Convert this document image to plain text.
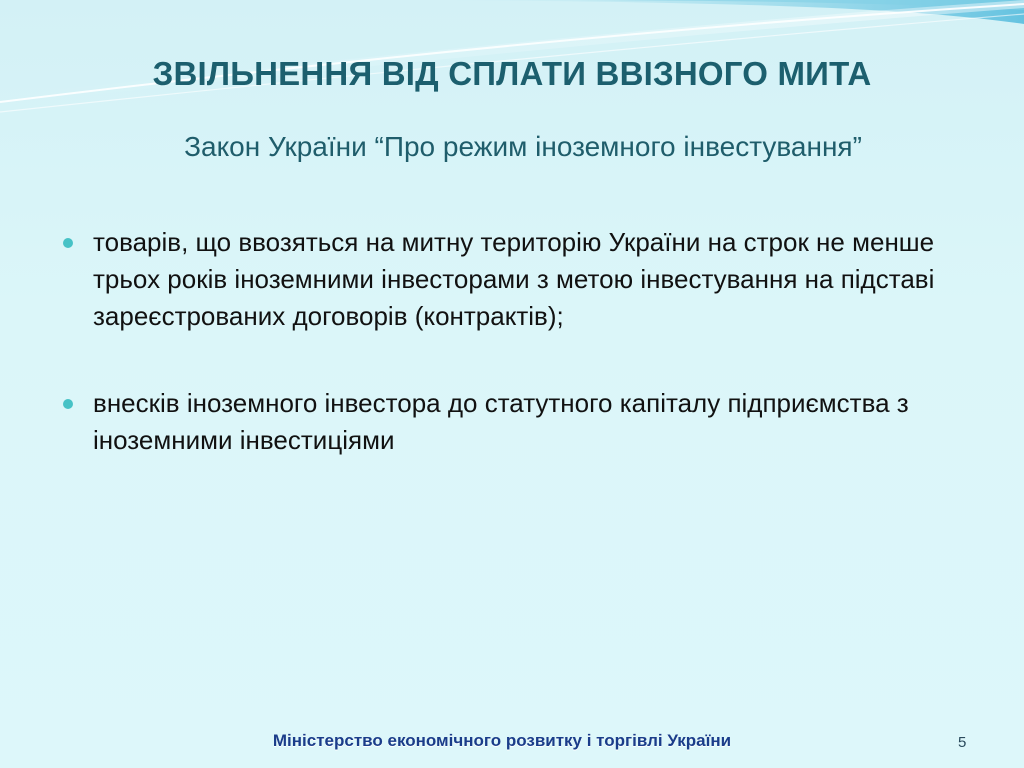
ЗВІЛЬНЕННЯ ВІД СПЛАТИ ВВІЗНОГО МИТА

Закон України “Про режим іноземного інвестування”

товарів, що ввозяться на митну територію України на строк не менше трьох років іноземними інвесторами з метою інвестування на підставі зареєстрованих договорів (контрактів);
внесків іноземного інвестора до статутного капіталу підприємства з іноземними інвестиціями

Міністерство економічного розвитку і торгівлі України	5
